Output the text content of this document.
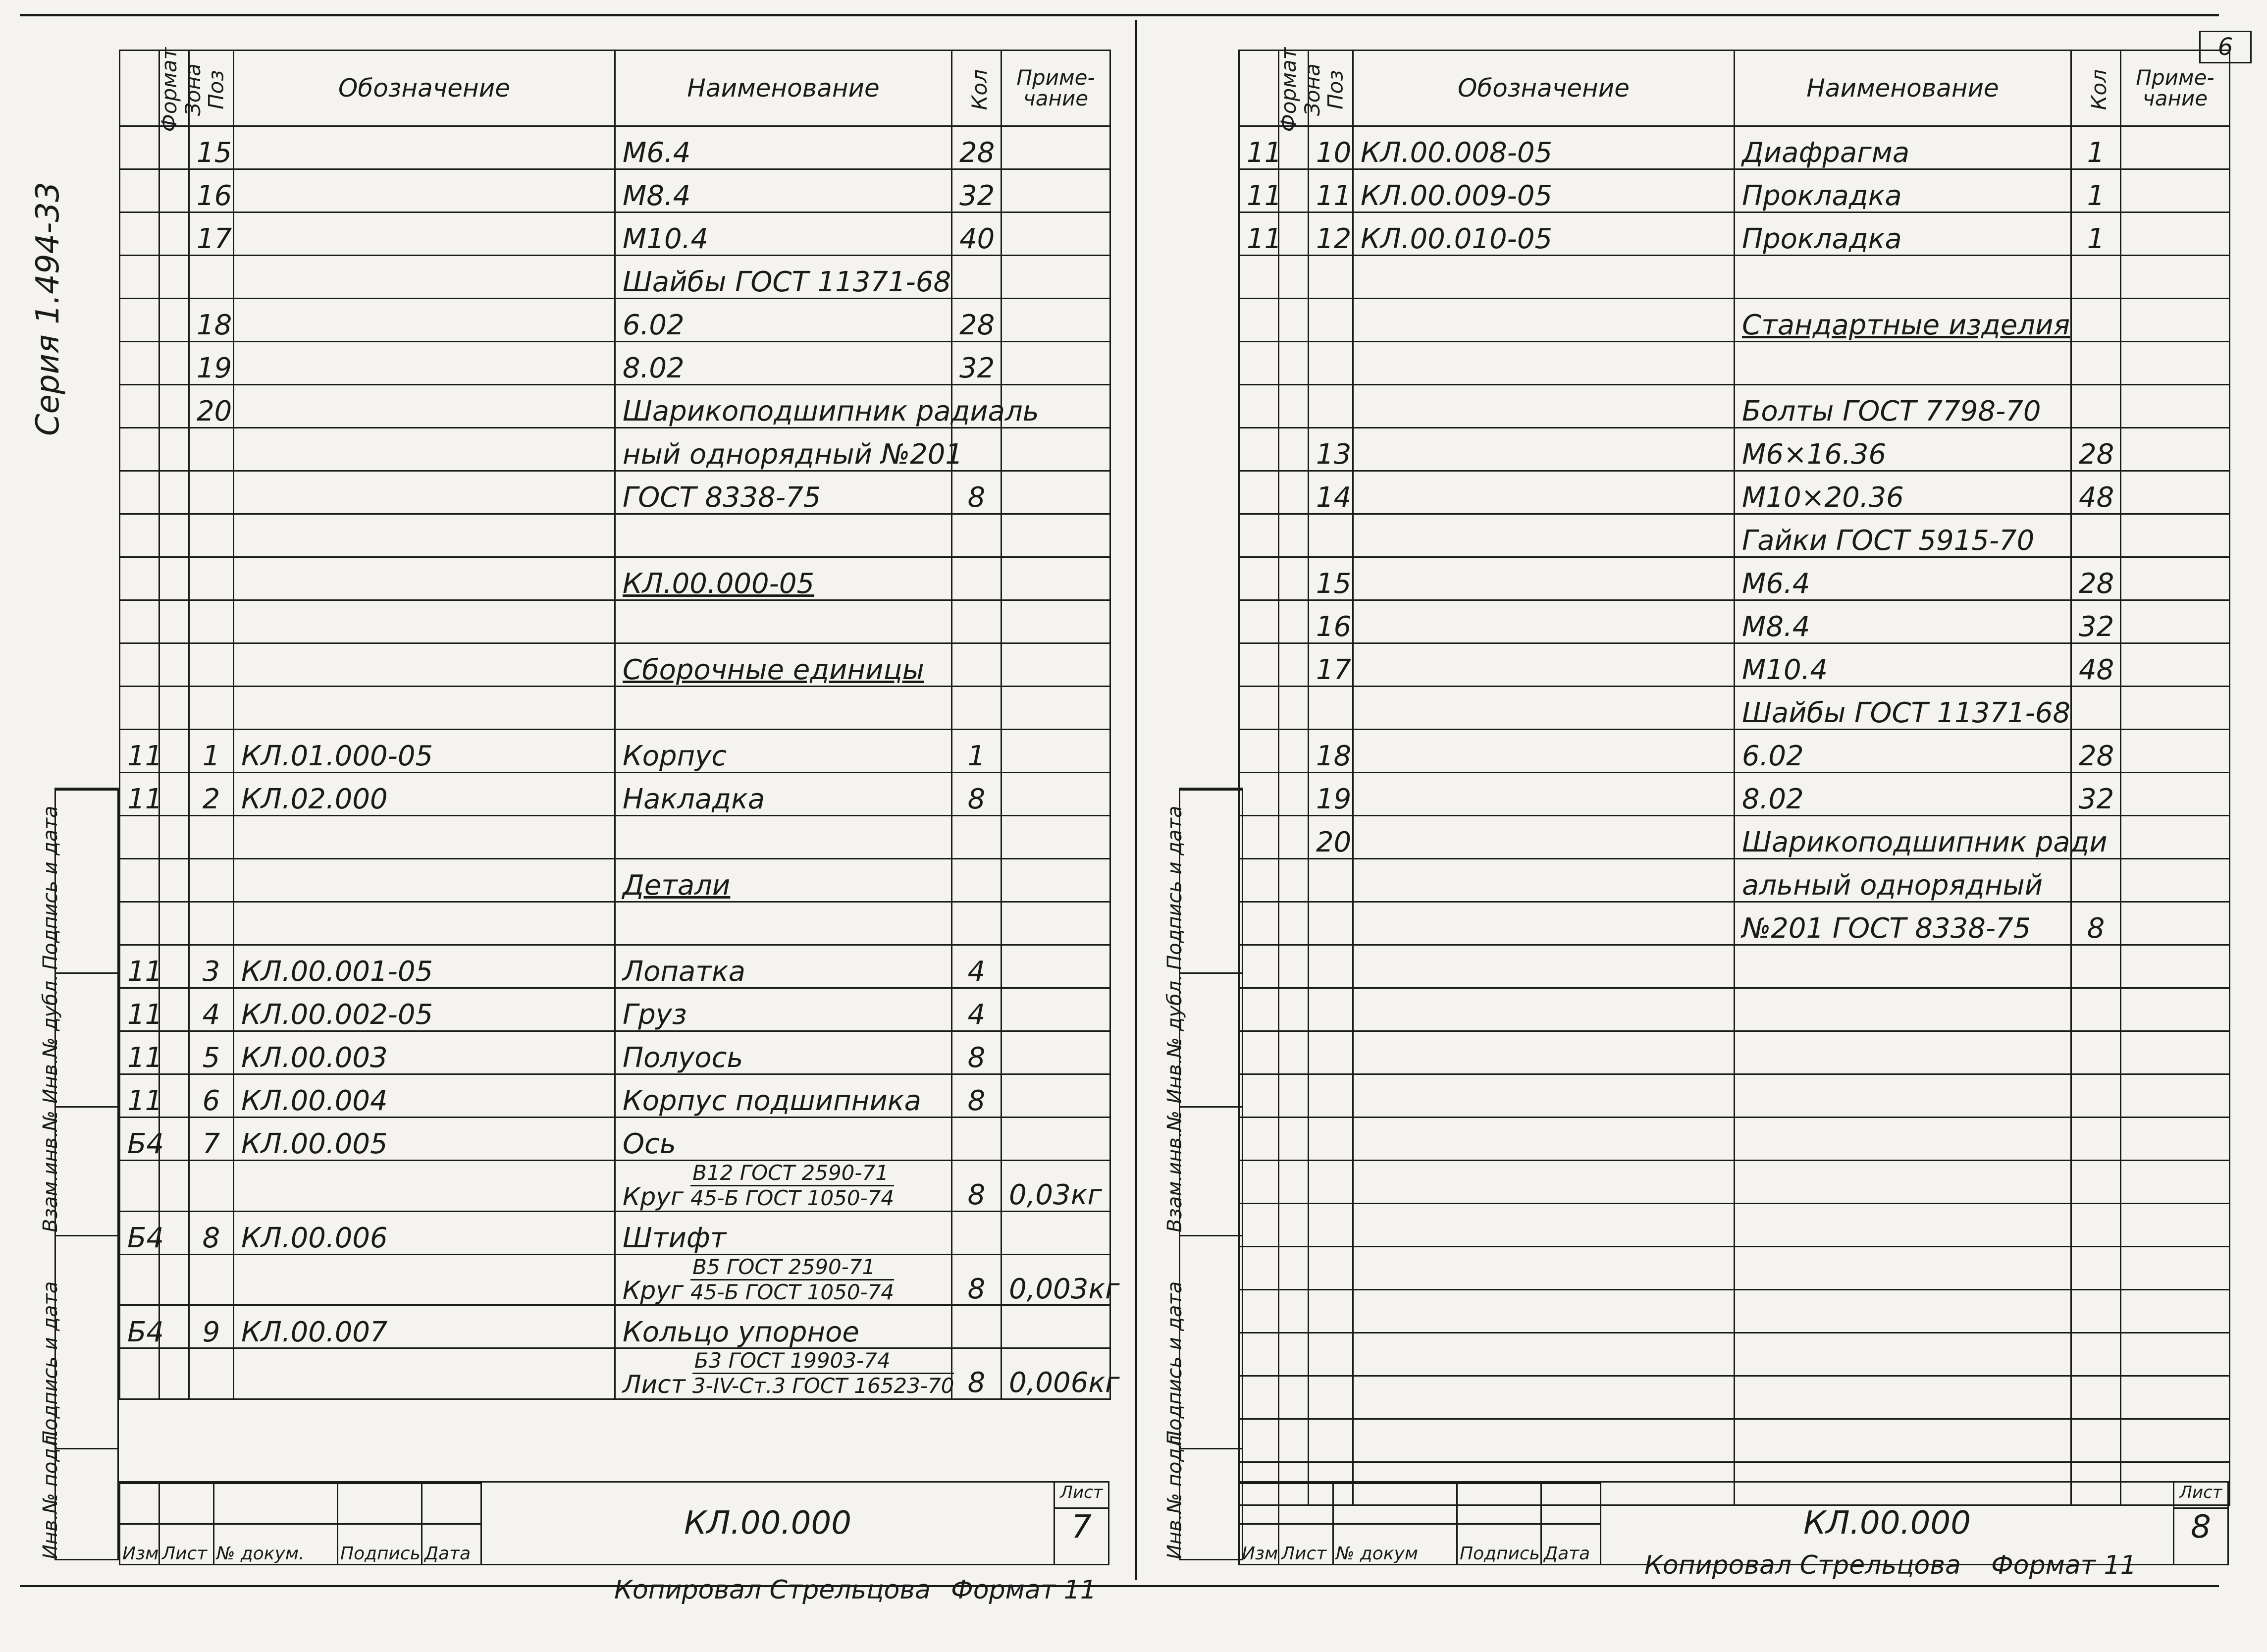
6
Серия 1.494-33
Инв.№ подл.
Подпись и дата
Взам.инв.№
Инв.№ дубл.
Подпись и дата
Инв.№ подл.
Подпись и дата
Взам.инв.№
Инв.№ дубл.
Подпись и дата
Формат	Зона	Поз	Обозначение	Наименование	Кол	Приме-
чание
		15		М6.4	28	
		16		М8.4	32	
		17		М10.4	40	
				Шайбы ГОСТ 11371-68		
		18		6.02	28	
		19		8.02	32	
		20		Шарикоподшипник радиаль		
				ный однорядный №201		
				ГОСТ 8338-75	8	

				КЛ.00.000-05		

				Сборочные единицы		

11		1	КЛ.01.000-05	Корпус	1	
11		2	КЛ.02.000	Накладка	8	

				Детали		

11		3	КЛ.00.001-05	Лопатка	4	
11		4	КЛ.00.002-05	Груз	4	
11		5	КЛ.00.003	Полуось	8	
11		6	КЛ.00.004	Корпус подшипника	8	
Б4		7	КЛ.00.005	Ось		

				Круг $\frac{\text{В12 ГОСТ 2590-71}}{\text{45-Б ГОСТ 1050-74}}$	8	0,03кг
Б4		8	КЛ.00.006	Штифт		

				Круг $\frac{\text{В5 ГОСТ 2590-71}}{\text{45-Б ГОСТ 1050-74}}$	8	0,003кг
Б4		9	КЛ.00.007	Кольцо упорное		

				Лист $\frac{\text{Б3 ГОСТ 19903-74}}{\text{3-IV-Ст.3 ГОСТ 16523-70}}$	8	0,006кг
Изм Лист № докум.	Подпись Дата
КЛ.00.000
Лист
7
Копировал Стрельцова Формат 11
Формат	Зона	Поз	Обозначение	Наименование	Кол	Приме-
чание
11		10	КЛ.00.008-05	Диафрагма	1	
11		11	КЛ.00.009-05	Прокладка	1	
11		12	КЛ.00.010-05	Прокладка	1	

				Стандартные изделия		

				Болты ГОСТ 7798-70		
		13		М6×16.36	28	
		14		М10×20.36	48	
				Гайки ГОСТ 5915-70		
		15		М6.4	28	
		16		М8.4	32	
		17		М10.4	48	
				Шайбы ГОСТ 11371-68		
		18		6.02	28	
		19		8.02	32	
		20		Шарикоподшипник ради		
				альный однорядный		
				№201 ГОСТ 8338-75	8	

Изм Лист № докум	Подпись Дата
КЛ.00.000
Лист
8
Копировал Стрельцова Формат 11
